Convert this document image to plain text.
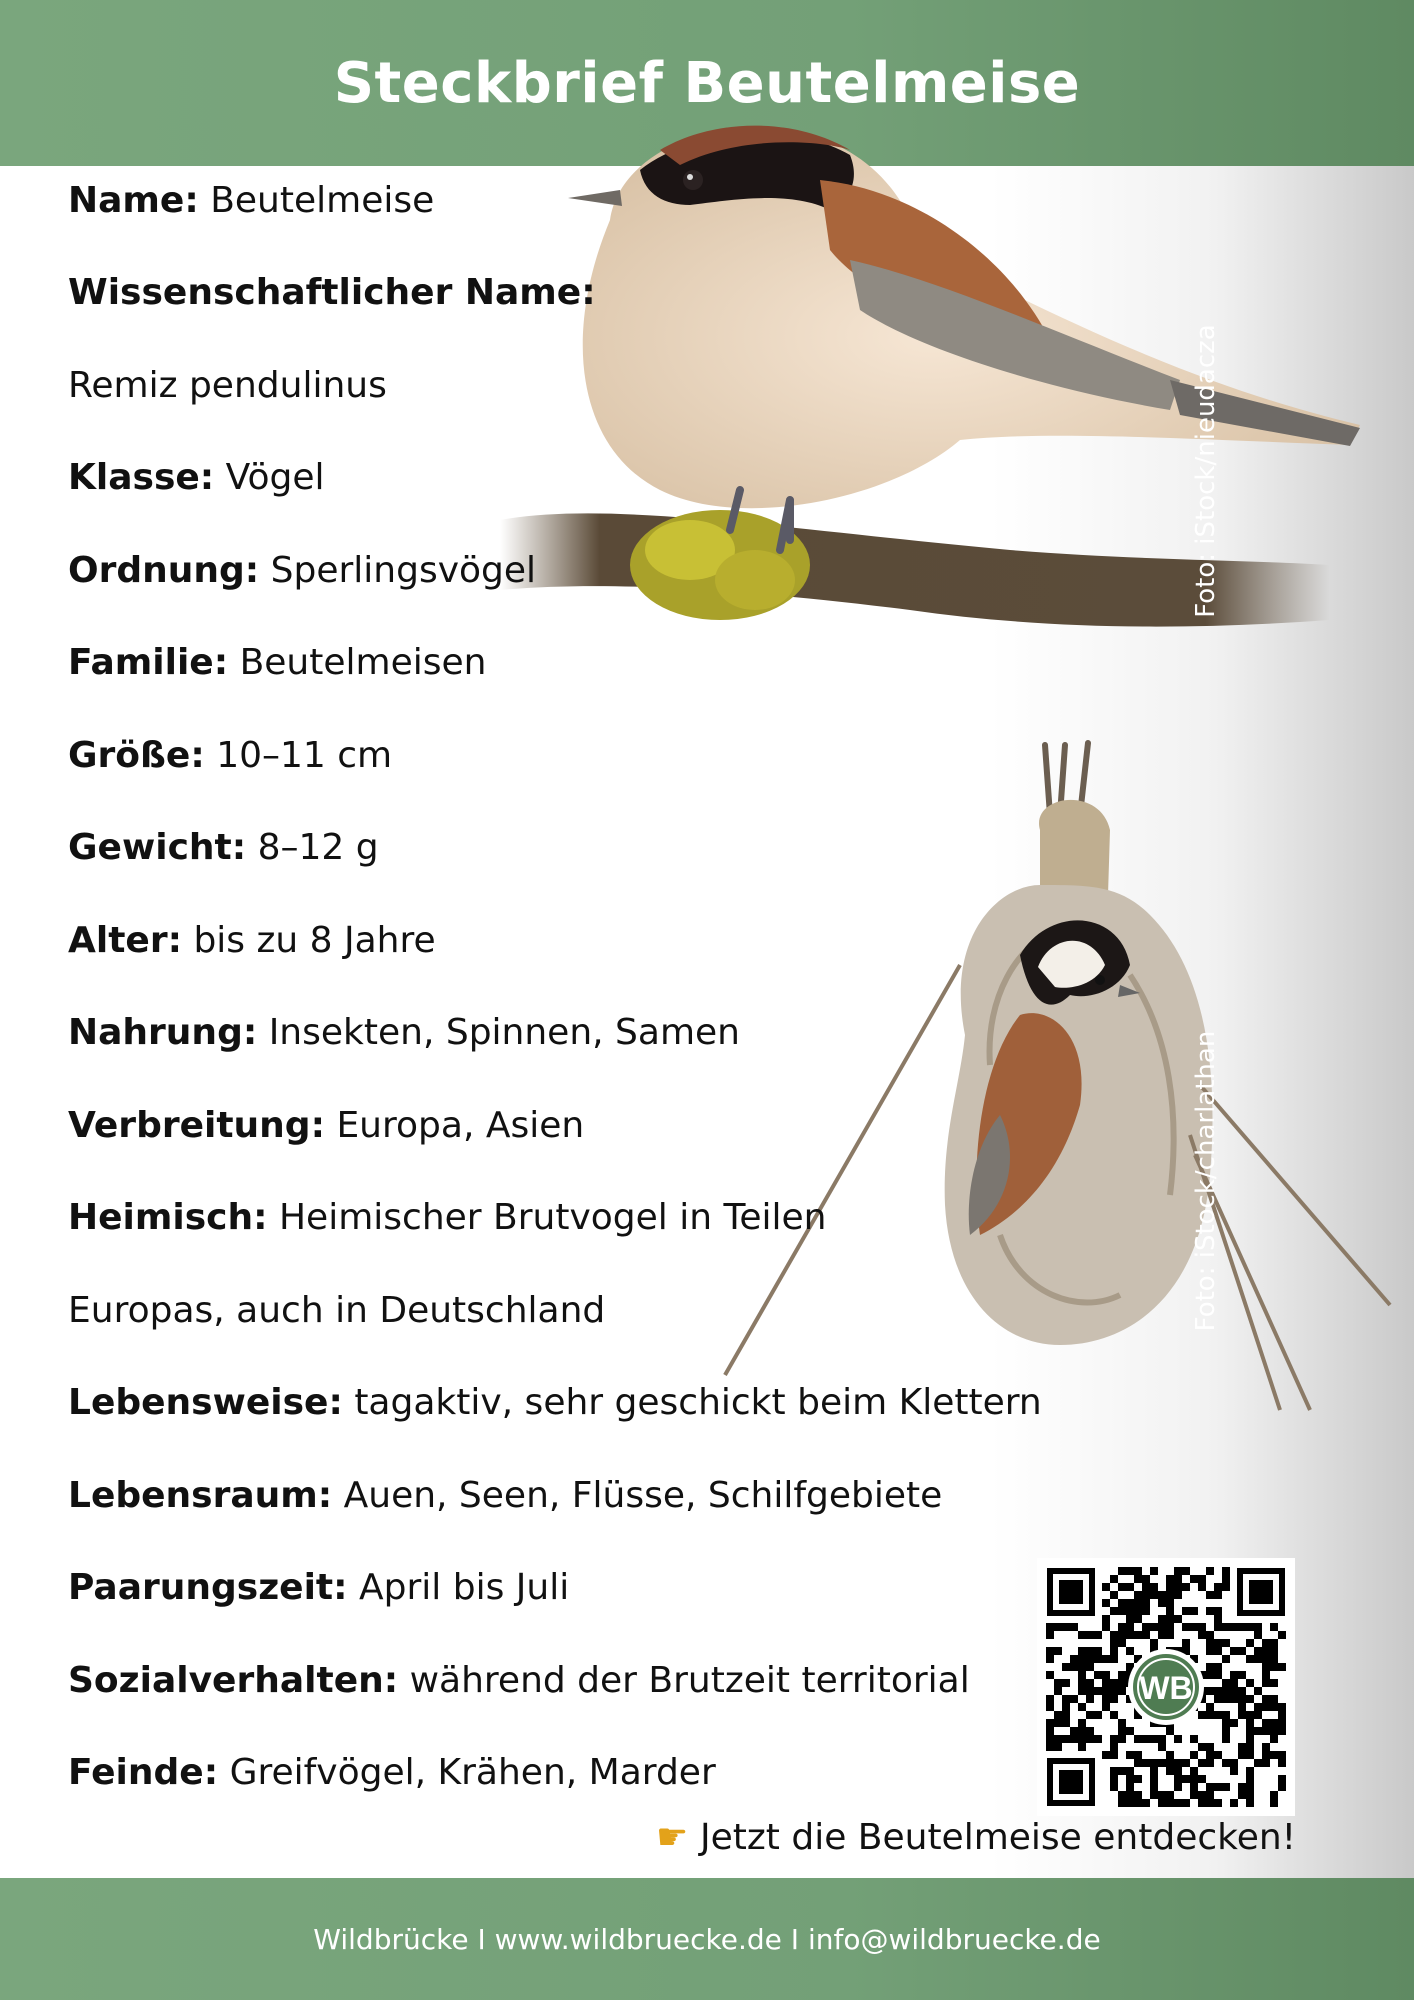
Steckbrief Beutelmeise
Foto: iStock/nieudacza
Foto: iStock/charlathan
Name: Beutelmeise
Wissenschaftlicher Name:
Remiz pendulinus
Klasse: Vögel
Ordnung: Sperlingsvögel
Familie: Beutelmeisen
Größe: 10–11 cm
Gewicht: 8–12 g
Alter: bis zu 8 Jahre
Nahrung: Insekten, Spinnen, Samen
Verbreitung: Europa, Asien
Heimisch: Heimischer Brutvogel in Teilen
Europas, auch in Deutschland
Lebensweise: tagaktiv, sehr geschickt beim Klettern
Lebensraum: Auen, Seen, Flüsse, Schilfgebiete
Paarungszeit: April bis Juli
Sozialverhalten: während der Brutzeit territorial
Feinde: Greifvögel, Krähen, Marder
WB
☛ Jetzt die Beutelmeise entdecken!
Wildbrücke I www.wildbruecke.de I info@wildbruecke.de
